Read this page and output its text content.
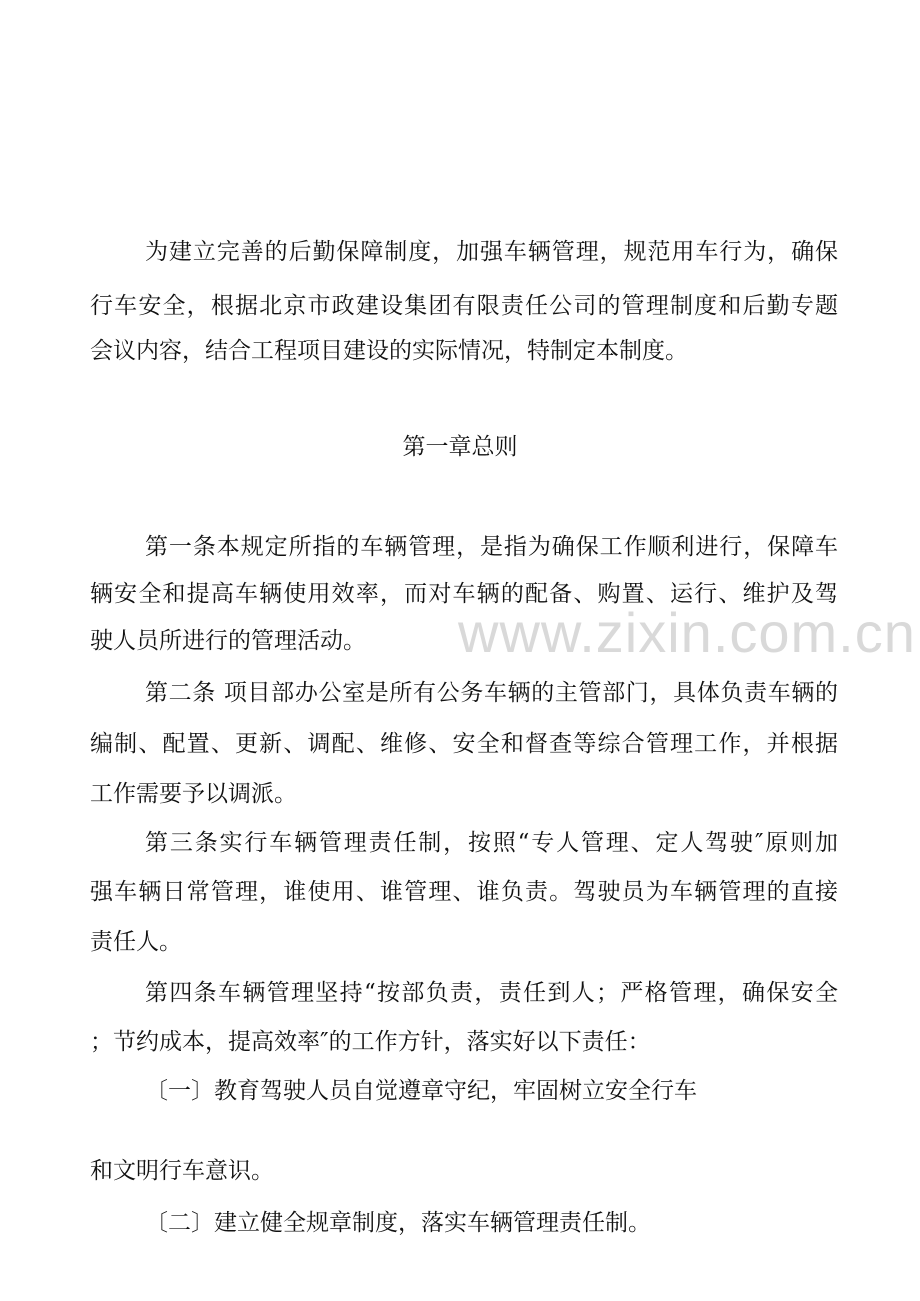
为建立完善的后勤保障制度，加强车辆管理，规范用车行为，确保
行车安全，根据北京市政建设集团有限责任公司的管理制度和后勤专题
会议内容，结合工程项目建设的实际情况，特制定本制度。
第一章总则
第一条本规定所指的车辆管理，是指为确保工作顺利进行，保障车
辆安全和提高车辆使用效率，而对车辆的配备、购置、运行、维护及驾
驶人员所进行的管理活动。
第二条 项目部办公室是所有公务车辆的主管部门，具体负责车辆的
编制、配置、更新、调配、维修、安全和督查等综合管理工作，并根据
工作需要予以调派。
第三条实行车辆管理责任制，按照“专人管理、定人驾驶″原则加
强车辆日常管理，谁使用、谁管理、谁负责。驾驶员为车辆管理的直接
责任人。
第四条车辆管理坚持“按部负责，责任到人；严格管理，确保安全
；节约成本，提高效率″的工作方针，落实好以下责任：
〔一〕教育驾驶人员自觉遵章守纪，牢固树立安全行车
和文明行车意识。
〔二〕建立健全规章制度，落实车辆管理责任制。
www.zixin.com.cn
